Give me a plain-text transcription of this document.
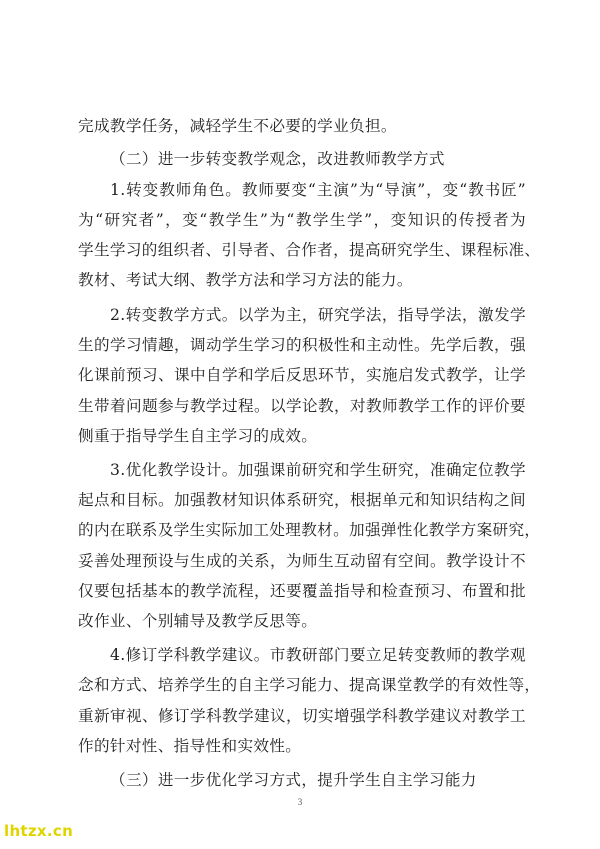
完成教学任务，减轻学生不必要的学业负担。
（二）进一步转变教学观念，改进教师教学方式
1.转变教师角色。教师要变“主演”为“导演”，变“教书匠”
为“研究者”，变“教学生”为“教学生学”，变知识的传授者为
学生学习的组织者、引导者、合作者，提高研究学生、课程标准、
教材、考试大纲、教学方法和学习方法的能力。
2.转变教学方式。以学为主，研究学法，指导学法，激发学
生的学习情趣，调动学生学习的积极性和主动性。先学后教，强
化课前预习、课中自学和学后反思环节，实施启发式教学，让学
生带着问题参与教学过程。以学论教，对教师教学工作的评价要
侧重于指导学生自主学习的成效。
3.优化教学设计。加强课前研究和学生研究，准确定位教学
起点和目标。加强教材知识体系研究，根据单元和知识结构之间
的内在联系及学生实际加工处理教材。加强弹性化教学方案研究，
妥善处理预设与生成的关系，为师生互动留有空间。教学设计不
仅要包括基本的教学流程，还要覆盖指导和检查预习、布置和批
改作业、个别辅导及教学反思等。
4.修订学科教学建议。市教研部门要立足转变教师的教学观
念和方式、培养学生的自主学习能力、提高课堂教学的有效性等，
重新审视、修订学科教学建议，切实增强学科教学建议对教学工
作的针对性、指导性和实效性。
（三）进一步优化学习方式，提升学生自主学习能力
3
lhtzx.cn
